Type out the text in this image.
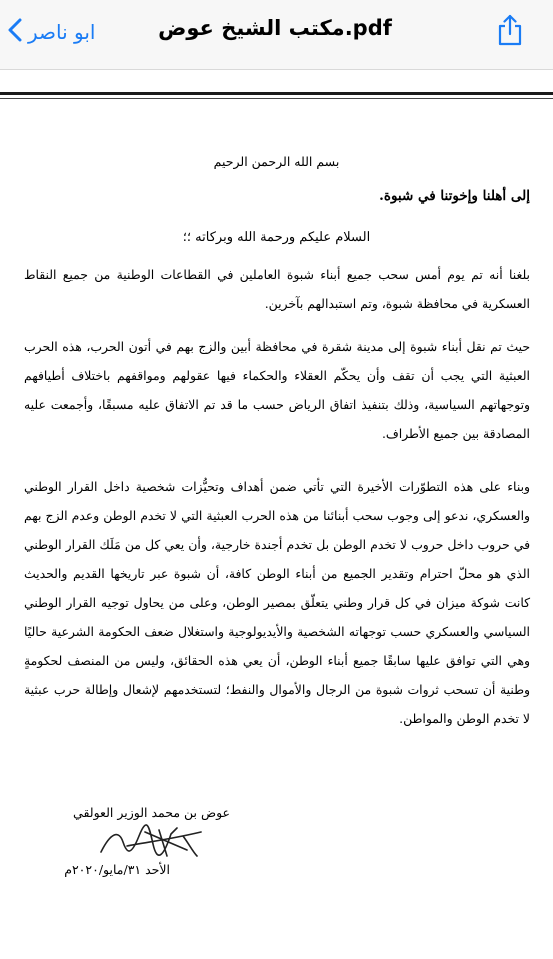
ابو ناصر	مكتب الشيخ عوض.pdf
بسم الله الرحمن الرحيم
إلى أهلنا وإخوتنا في شبوة.
السلام عليكم ورحمة الله وبركاته ؛؛

بلغنا أنه تم يوم أمس سحب جميع أبناء شبوة العاملين في القطاعات الوطنية من جميع النقاط العسكرية في محافظة شبوة، وتم استبدالهم بآخرين.

حيث تم نقل أبناء شبوة إلى مدينة شقرة في محافظة أبين والزج بهم في أتون الحرب، هذه الحرب العبثية التي يجب أن تقف وأن يحكّم العقلاء والحكماء فيها عقولهم ومواقفهم باختلاف أطيافهم وتوجهاتهم السياسية، وذلك بتنفيذ اتفاق الرياض حسب ما قد تم الاتفاق عليه مسبقًا، وأجمعت عليه المصادقة بين جميع الأطراف.

وبناء على هذه التطوّرات الأخيرة التي تأتي ضمن أهداف وتحيُّزات شخصية داخل القرار الوطني والعسكري، ندعو إلى وجوب سحب أبنائنا من هذه الحرب العبثية التي لا تخدم الوطن وعدم الزج بهم في حروب داخل حروب لا تخدم الوطن بل تخدم أجندة خارجية، وأن يعي كل من مَلَك القرار الوطني الذي هو محلّ احترام وتقدير الجميع من أبناء الوطن كافة، أن شبوة عبر تاريخها القديم والحديث كانت شوكة ميزان في كل قرار وطني يتعلّق بمصير الوطن، وعلى من يحاول توجيه القرار الوطني السياسي والعسكري حسب توجهاته الشخصية والأيديولوجية واستغلال ضعف الحكومة الشرعية حاليًا وهي التي توافق عليها سابقًا جميع أبناء الوطن، أن يعي هذه الحقائق، وليس من المنصف لحكومةٍ وطنية أن تسحب ثروات شبوة من الرجال والأموال والنفط؛ لتستخدمهم لإشعال وإطالة حرب عبثية لا تخدم الوطن والمواطن.

عوض بن محمد الوزير العولقي
الأحد ٣١/مايو/٢٠٢٠م
